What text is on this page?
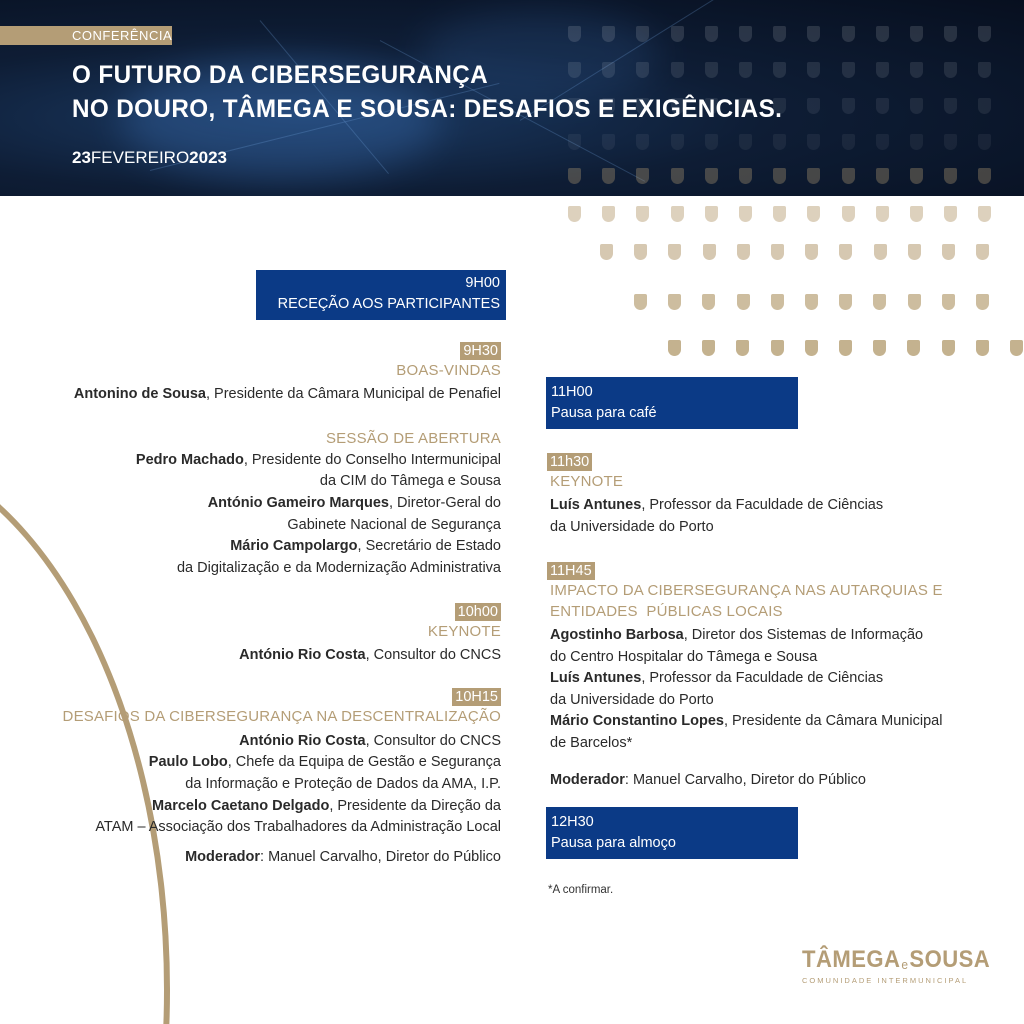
CONFERÊNCIA
O FUTURO DA CIBERSEGURANÇA
NO DOURO, TÂMEGA E SOUSA: DESAFIOS E EXIGÊNCIAS.
23FEVEREIRO2023
9H00
RECEÇÃO AOS PARTICIPANTES
9H30
BOAS-VINDAS
Antonino de Sousa, Presidente da Câmara Municipal de Penafiel
SESSÃO DE ABERTURA
Pedro Machado, Presidente do Conselho Intermunicipal
da CIM do Tâmega e Sousa
António Gameiro Marques, Diretor-Geral do
Gabinete Nacional de Segurança
Mário Campolargo, Secretário de Estado
da Digitalização e da Modernização Administrativa
10h00
KEYNOTE
António Rio Costa, Consultor do CNCS
10H15
DESAFIOS DA CIBERSEGURANÇA NA DESCENTRALIZAÇÃO
António Rio Costa, Consultor do CNCS
Paulo Lobo, Chefe da Equipa de Gestão e Segurança
da Informação e Proteção de Dados da AMA, I.P.
Marcelo Caetano Delgado, Presidente da Direção da
ATAM – Associação dos Trabalhadores da Administração Local
Moderador: Manuel Carvalho, Diretor do Público
11H00
Pausa para café
11h30
KEYNOTE
Luís Antunes, Professor da Faculdade de Ciências
da Universidade do Porto
11H45
IMPACTO DA CIBERSEGURANÇA NAS AUTARQUIAS E
ENTIDADES  PÚBLICAS LOCAIS
Agostinho Barbosa, Diretor dos Sistemas de Informação
do Centro Hospitalar do Tâmega e Sousa
Luís Antunes, Professor da Faculdade de Ciências
da Universidade do Porto
Mário Constantino Lopes, Presidente da Câmara Municipal
de Barcelos*
Moderador: Manuel Carvalho, Diretor do Público
12H30
Pausa para almoço
*A confirmar.
TÂMEGAeSOUSA
COMUNIDADE INTERMUNICIPAL
